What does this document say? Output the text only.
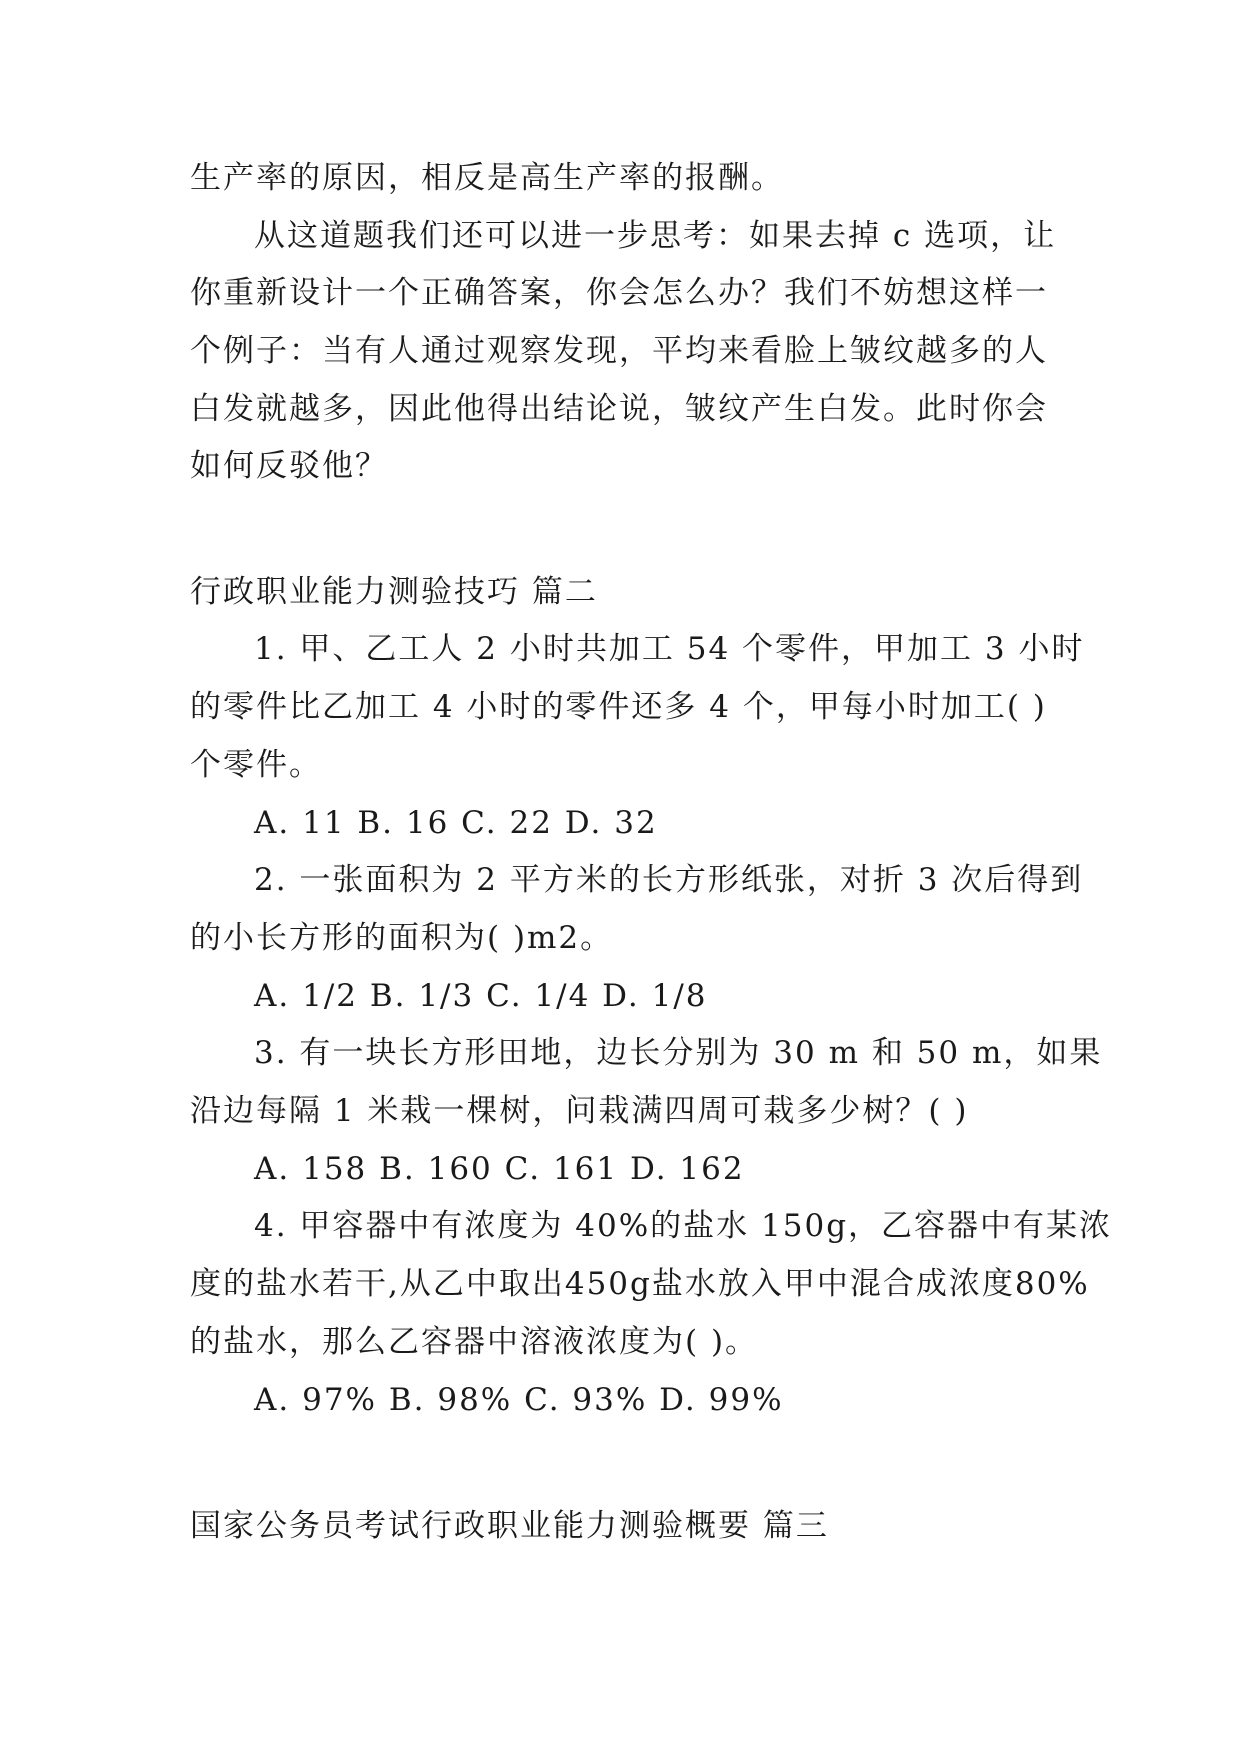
生产率的原因，相反是高生产率的报酬。
从这道题我们还可以进一步思考：如果去掉 c 选项，让
你重新设计一个正确答案，你会怎么办？我们不妨想这样一
个例子：当有人通过观察发现，平均来看脸上皱纹越多的人
白发就越多，因此他得出结论说，皱纹产生白发。此时你会
如何反驳他？
行政职业能力测验技巧 篇二
1. 甲、乙工人 2 小时共加工 54 个零件，甲加工 3 小时
的零件比乙加工 4 小时的零件还多 4 个，甲每小时加工( )
个零件。
A. 11 B. 16 C. 22 D. 32
2. 一张面积为 2 平方米的长方形纸张，对折 3 次后得到
的小长方形的面积为( )m2。
A. 1/2 B. 1/3 C. 1/4 D. 1/8
3. 有一块长方形田地，边长分别为 30 m 和 50 m，如果
沿边每隔 1 米栽一棵树，问栽满四周可栽多少树？( )
A. 158 B. 160 C. 161 D. 162
4. 甲容器中有浓度为 40%的盐水 150g，乙容器中有某浓
度的盐水若干,从乙中取出450g盐水放入甲中混合成浓度80%
的盐水，那么乙容器中溶液浓度为( )。
A. 97% B. 98% C. 93% D. 99%
国家公务员考试行政职业能力测验概要 篇三
